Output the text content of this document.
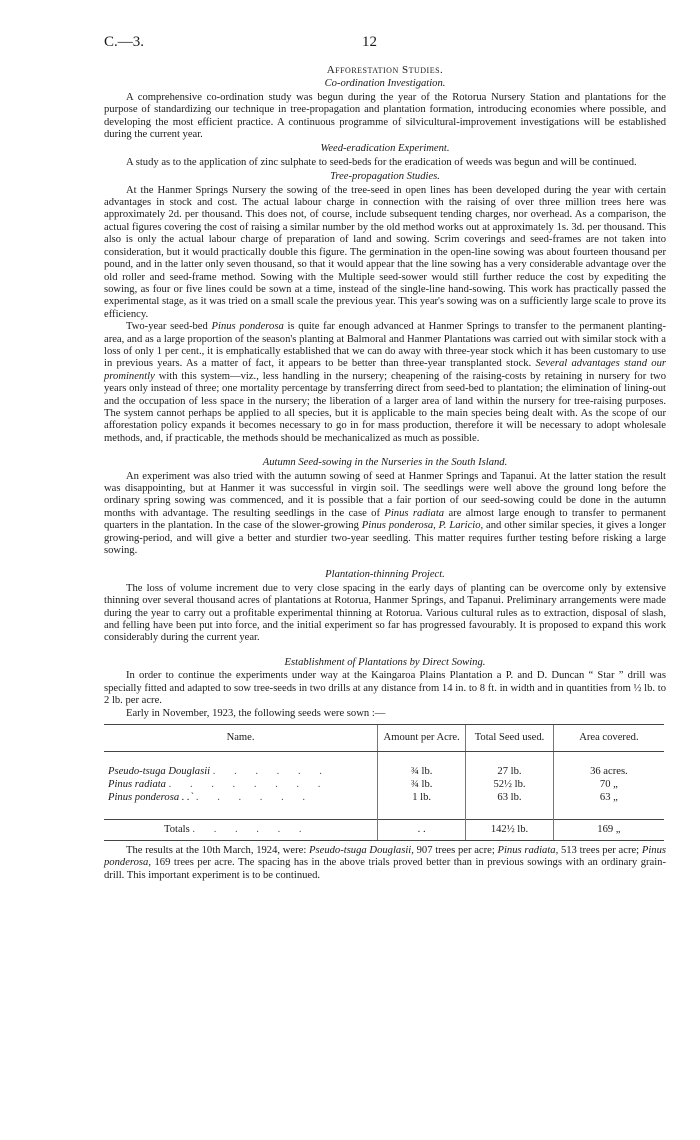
C.—3.	12
Afforestation Studies.
Co-ordination Investigation.

A comprehensive co-ordination study was begun during the year of the Rotorua Nursery Station and plantations for the purpose of standardizing our technique in tree-propagation and plantation formation, introducing economies where possible, and developing the most efficient practice. A continuous programme of silvicultural-improvement investigations will be established during the current year.

Weed-eradication Experiment.

A study as to the application of zinc sulphate to seed-beds for the eradication of weeds was begun and will be continued.

Tree-propagation Studies.

At the Hanmer Springs Nursery the sowing of the tree-seed in open lines has been developed during the year with certain advantages in stock and cost. The actual labour charge in connection with the raising of over three million trees here was approximately 2d. per thousand. This does not, of course, include subsequent tending charges, nor overhead. As a comparison, the actual figures covering the cost of raising a similar number by the old method works out at approximately 1s. 3d. per thousand. This also is only the actual labour charge of preparation of land and sowing. Scrim coverings and seed-frames are not taken into consideration, but it would practically double this figure. The germination in the open-line sowing was about fourteen thousand per pound, and in the latter only seven thousand, so that it would appear that the line sowing has a very considerable advantage over the old roller and seed-frame method. Sowing with the Multiple seed-sower would still further reduce the cost by expediting the sowing, as four or five lines could be sown at a time, instead of the single-line hand-sowing. This work has practically passed the experimental stage, as it was tried on a small scale the previous year. This year's sowing was on a sufficiently large scale to prove its efficiency.

Two-year seed-bed Pinus ponderosa is quite far enough advanced at Hanmer Springs to transfer to the permanent planting-area, and as a large proportion of the season's planting at Balmoral and Hanmer Plantations was carried out with similar stock with a loss of only 1 per cent., it is emphatically established that we can do away with three-year stock which it has been customary to use in previous years. As a matter of fact, it appears to be better than three-year transplanted stock. Several advantages stand our prominently with this system—viz., less handling in the nursery; cheapening of the raising-costs by retaining in nursery for two years only instead of three; one mortality percentage by transferring direct from seed-bed to plantation; the elimination of lining-out and the occupation of less space in the nursery; the liberation of a larger area of land within the nursery for tree-raising purposes. The system cannot perhaps be applied to all species, but it is applicable to the main species being dealt with. As the scope of our afforestation policy expands it becomes necessary to go in for mass production, therefore it will be necessary to adopt wholesale methods, and, if practicable, the methods should be mechanicalized as much as possible.

Autumn Seed-sowing in the Nurseries in the South Island.

An experiment was also tried with the autumn sowing of seed at Hanmer Springs and Tapanui. At the latter station the result was disappointing, but at Hanmer it was successful in virgin soil. The seedlings were well above the ground long before the ordinary spring sowing was commenced, and it is possible that a fair portion of our seed-sowing could be done in the autumn months with advantage. The resulting seedlings in the case of Pinus radiata are almost large enough to transfer to permanent quarters in the plantation. In the case of the slower-growing Pinus ponderosa, P. Laricio, and other similar species, it gives a longer growing-period, and will give a better and sturdier two-year seedling. This matter requires further testing before risking a large sowing.

Plantation-thinning Project.

The loss of volume increment due to very close spacing in the early days of planting can be overcome only by extensive thinning over several thousand acres of plantations at Rotorua, Hanmer Springs, and Tapanui. Preliminary arrangements were made during the year to carry out a profitable experimental thinning at Rotorua. Various cultural rules as to extraction, disposal of slash, and felling have been put into force, and the initial experiment so far has progressed favourably. It is proposed to expand this work considerably during the current year.

Establishment of Plantations by Direct Sowing.

In order to continue the experiments under way at the Kaingaroa Plains Plantation a P. and D. Duncan “ Star ” drill was specially fitted and adapted to sow tree-seeds in two drills at any distance from 14 in. to 8 ft. in width and in quantities from ½ lb. to 2 lb. per acre.

Early in November, 1923, the following seeds were sown :—

Name.	Amount per Acre.	Total Seed used.	Area covered.

Pseudo-tsuga Douglasii . . . . . .	¾ lb.	27 lb.	36 acres.
Pinus radiata . . . . . . . .	¾ lb.	52½ lb.	70 „
Pinus ponderosa . .` . . . . . .	1 lb.	63 lb.	63 „

Totals . . . . . .	. .	142½ lb.	169 „

The results at the 10th March, 1924, were: Pseudo-tsuga Douglasii, 907 trees per acre; Pinus radiata, 513 trees per acre; Pinus ponderosa, 169 trees per acre. The spacing has in the above trials proved better than in previous sowings with an ordinary grain-drill. This important experiment is to be continued.
